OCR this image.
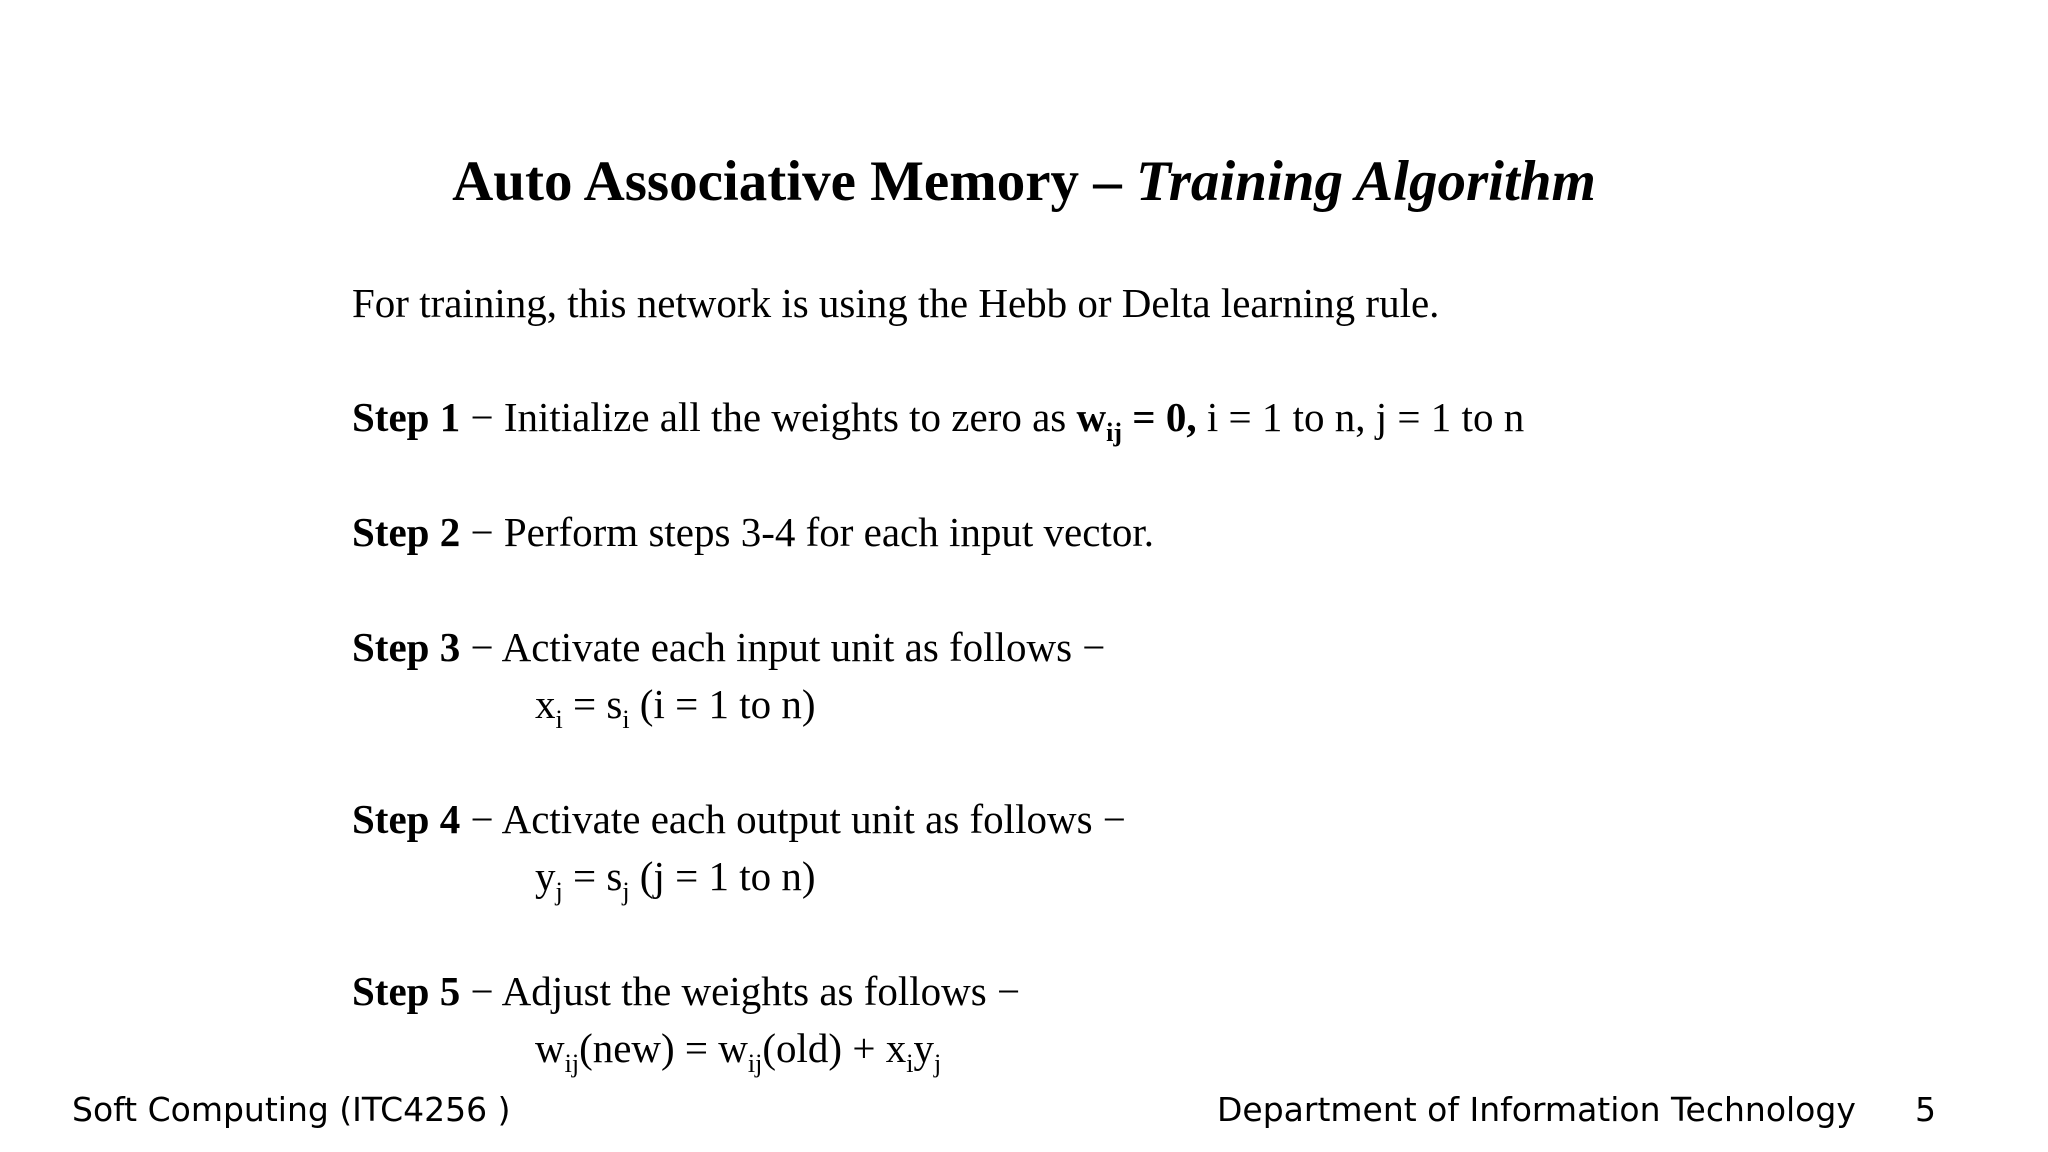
Auto Associative Memory – Training Algorithm
For training, this network is using the Hebb or Delta learning rule.
Step 1 − Initialize all the weights to zero as $w_{ij} = 0$, i = 1 to n, j = 1 to n
Step 2 − Perform steps 3-4 for each input vector.
Step 3 − Activate each input unit as follows −
$x_i = s_i$ (i = 1 to n)
Step 4 − Activate each output unit as follows −
$y_j = s_j$ (j = 1 to n)
Step 5 − Adjust the weights as follows −
$w_{ij}(new) = w_{ij}(old) + x_iy_j$
Soft Computing (ITC4256 )	Department of Information Technology 5
